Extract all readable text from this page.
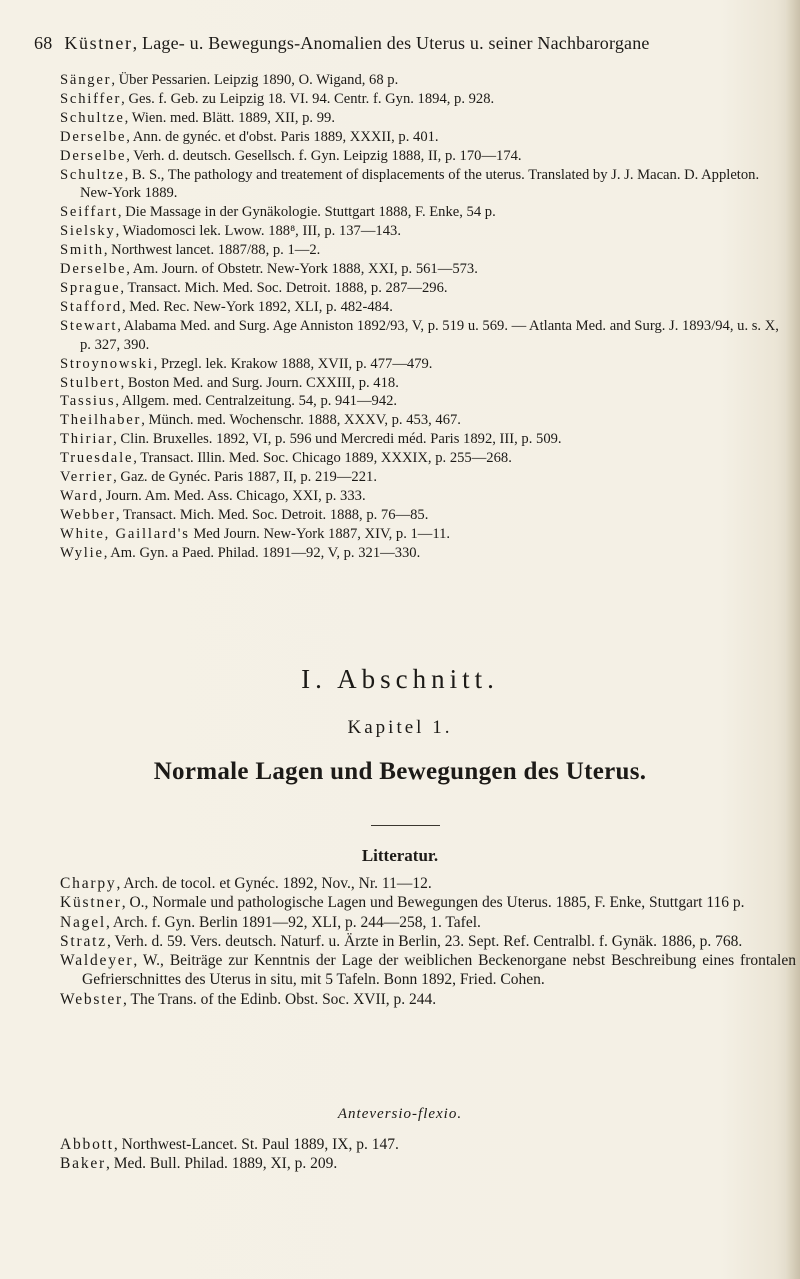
68 Küstner, Lage- u. Bewegungs-Anomalien des Uterus u. seiner Nachbarorgane
Sänger, Über Pessarien. Leipzig 1890, O. Wigand, 68 p.
Schiffer, Ges. f. Geb. zu Leipzig 18. VI. 94. Centr. f. Gyn. 1894, p. 928.
Schultze, Wien. med. Blätt. 1889, XII, p. 99.
Derselbe, Ann. de gynéc. et d'obst. Paris 1889, XXXII, p. 401.
Derselbe, Verh. d. deutsch. Gesellsch. f. Gyn. Leipzig 1888, II, p. 170—174.
Schultze, B. S., The pathology and treatement of displacements of the uterus. Translated by J. J. Macan. D. Appleton. New-York 1889.
Seiffart, Die Massage in der Gynäkologie. Stuttgart 1888, F. Enke, 54 p.
Sielsky, Wiadomosci lek. Lwow. 188⁸, III, p. 137—143.
Smith, Northwest lancet. 1887/88, p. 1—2.
Derselbe, Am. Journ. of Obstetr. New-York 1888, XXI, p. 561—573.
Sprague, Transact. Mich. Med. Soc. Detroit. 1888, p. 287—296.
Stafford, Med. Rec. New-York 1892, XLI, p. 482-484.
Stewart, Alabama Med. and Surg. Age Anniston 1892/93, V, p. 519 u. 569. — Atlanta Med. and Surg. J. 1893/94, u. s. X, p. 327, 390.
Stroynowski, Przegl. lek. Krakow 1888, XVII, p. 477—479.
Stulbert, Boston Med. and Surg. Journ. CXXIII, p. 418.
Tassius, Allgem. med. Centralzeitung. 54, p. 941—942.
Theilhaber, Münch. med. Wochenschr. 1888, XXXV, p. 453, 467.
Thiriar, Clin. Bruxelles. 1892, VI, p. 596 und Mercredi méd. Paris 1892, III, p. 509.
Truesdale, Transact. Illin. Med. Soc. Chicago 1889, XXXIX, p. 255—268.
Verrier, Gaz. de Gynéc. Paris 1887, II, p. 219—221.
Ward, Journ. Am. Med. Ass. Chicago, XXI, p. 333.
Webber, Transact. Mich. Med. Soc. Detroit. 1888, p. 76—85.
White, Gaillard's Med Journ. New-York 1887, XIV, p. 1—11.
Wylie, Am. Gyn. a Paed. Philad. 1891—92, V, p. 321—330.
I. Abschnitt.
Kapitel 1.
Normale Lagen und Bewegungen des Uterus.
Litteratur.
Charpy, Arch. de tocol. et Gynéc. 1892, Nov., Nr. 11—12.
Küstner, O., Normale und pathologische Lagen und Bewegungen des Uterus. 1885, F. Enke, Stuttgart 116 p.
Nagel, Arch. f. Gyn. Berlin 1891—92, XLI, p. 244—258, 1. Tafel.
Stratz, Verh. d. 59. Vers. deutsch. Naturf. u. Ärzte in Berlin, 23. Sept. Ref. Centralbl. f. Gynäk. 1886, p. 768.
Waldeyer, W., Beiträge zur Kenntnis der Lage der weiblichen Beckenorgane nebst Beschreibung eines frontalen Gefrierschnittes des Uterus in situ, mit 5 Tafeln. Bonn 1892, Fried. Cohen.
Webster, The Trans. of the Edinb. Obst. Soc. XVII, p. 244.
Anteversio-flexio.
Abbott, Northwest-Lancet. St. Paul 1889, IX, p. 147.
Baker, Med. Bull. Philad. 1889, XI, p. 209.
